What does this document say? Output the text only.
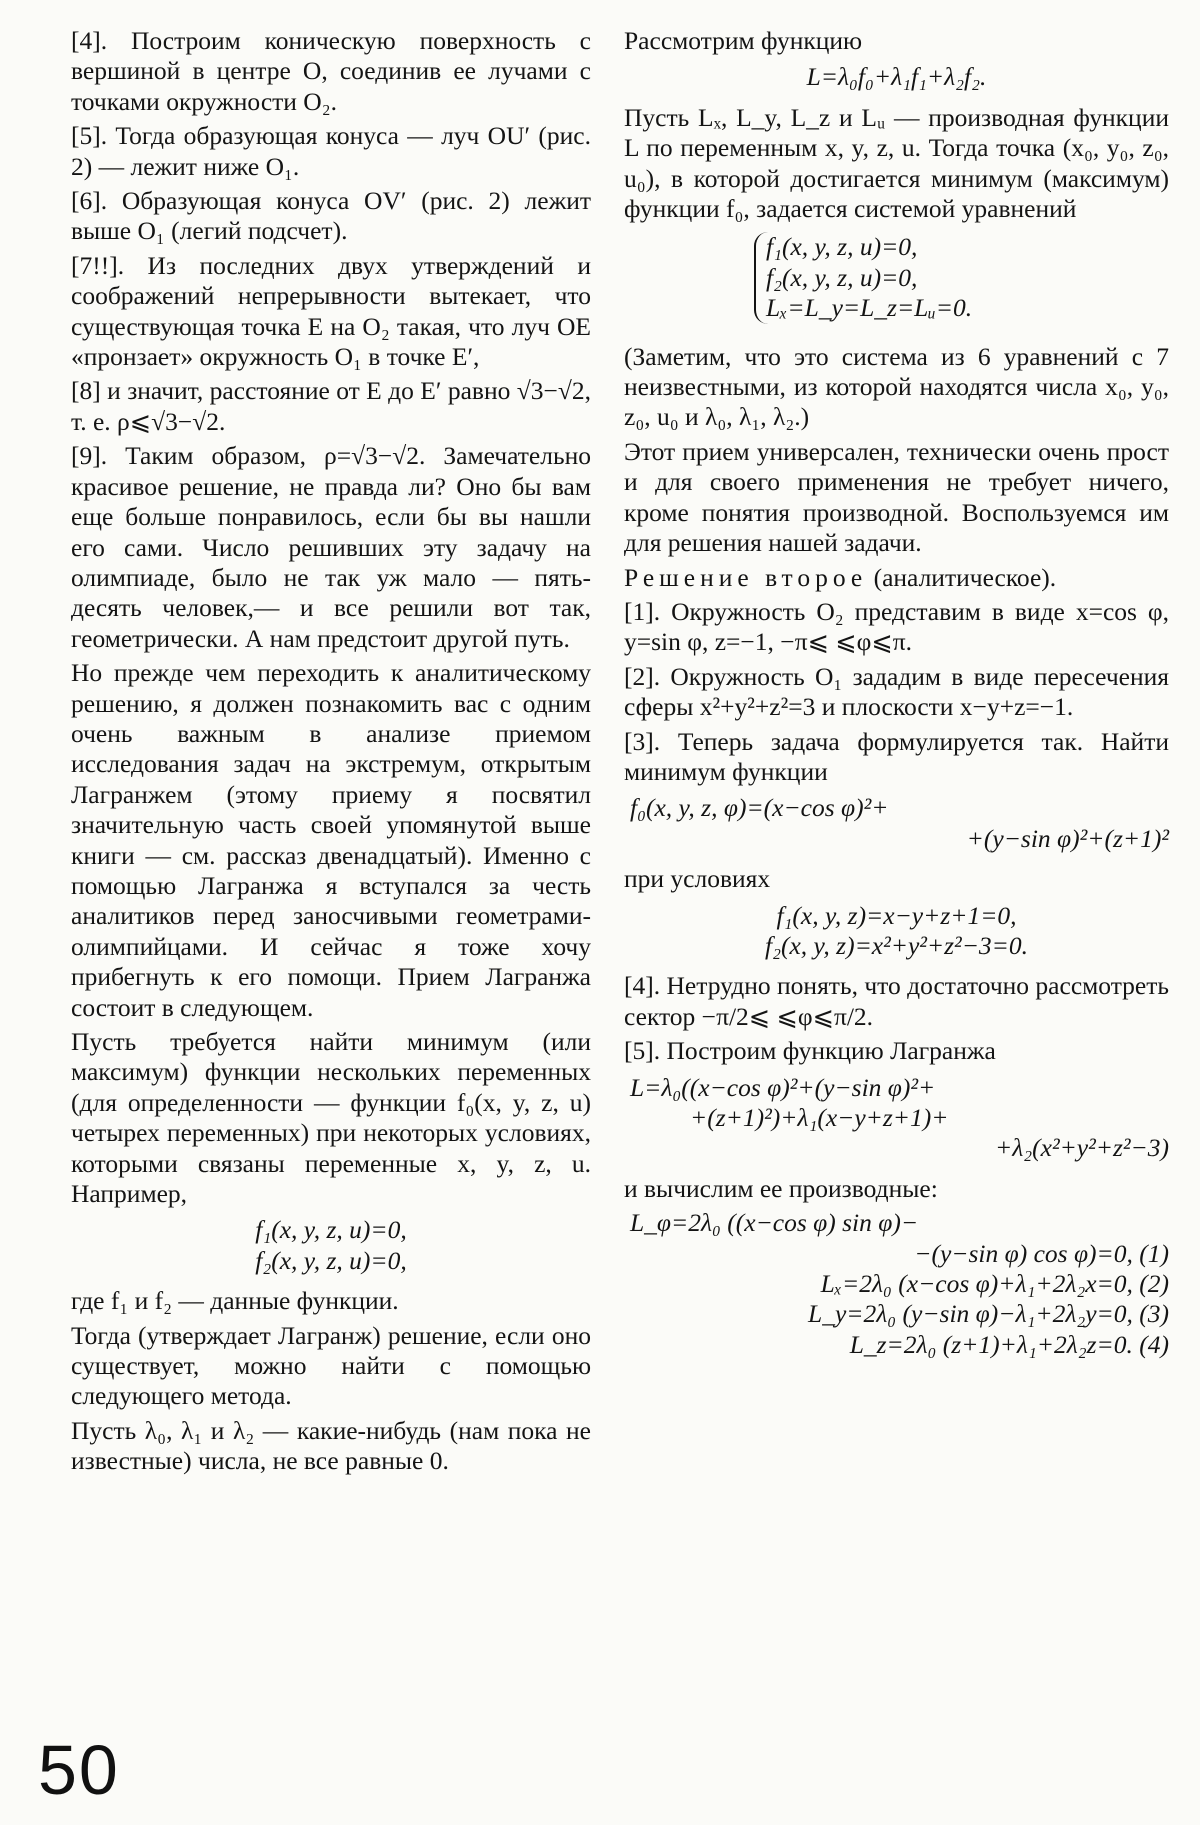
[4]. Построим коническую поверхность с вершиной в центре O, соединив ее лучами с точками окружности O₂.

[5]. Тогда образующая конуса — луч OU′ (рис. 2) — лежит ниже O₁.

[6]. Образующая конуса OV′ (рис. 2) лежит выше O₁ (легий подсчет).

[7!!]. Из последних двух утверждений и соображений непрерывности вытекает, что существующая точка E на O₂ такая, что луч OE «пронзает» окружность O₁ в точке E′,

[8] и значит, расстояние от E до E′ равно √3−√2, т. е. ρ⩽√3−√2.

[9]. Таким образом, ρ=√3−√2. Замечательно красивое решение, не правда ли? Оно бы вам еще больше понравилось, если бы вы нашли его сами. Число решивших эту задачу на олимпиаде, было не так уж мало — пять-десять человек,— и все решили вот так, геометрически. А нам предстоит другой путь.

Но прежде чем переходить к аналитическому решению, я должен познакомить вас с одним очень важным в анализе приемом исследования задач на экстремум, открытым Лагранжем (этому приему я посвятил значительную часть своей упомянутой выше книги — см. рассказ двенадцатый). Именно с помощью Лагранжа я вступался за честь аналитиков перед заносчивыми геометрами-олимпийцами. И сейчас я тоже хочу прибегнуть к его помощи. Прием Лагранжа состоит в следующем.

Пусть требуется найти минимум (или максимум) функции нескольких переменных (для определенности — функции f₀(x, y, z, u) четырех переменных) при некоторых условиях, которыми связаны переменные x, y, z, u. Например,

f₁(x, y, z, u)=0,
f₂(x, y, z, u)=0,

где f₁ и f₂ — данные функции.

Тогда (утверждает Лагранж) решение, если оно существует, можно найти с помощью следующего метода.

Пусть λ₀, λ₁ и λ₂ — какие-нибудь (нам пока не известные) числа, не все равные 0.

Рассмотрим функцию

L=λ₀f₀+λ₁f₁+λ₂f₂.

Пусть Lₓ, L_y, L_z и Lᵤ — производная функции L по переменным x, y, z, u. Тогда точка (x₀, y₀, z₀, u₀), в которой достигается минимум (максимум) функции f₀, задается системой уравнений

f₁(x, y, z, u)=0,
f₂(x, y, z, u)=0,
Lₓ=L_y=L_z=Lᵤ=0.

(Заметим, что это система из 6 уравнений с 7 неизвестными, из которой находятся числа x₀, y₀, z₀, u₀ и λ₀, λ₁, λ₂.)

Этот прием универсален, технически очень прост и для своего применения не требует ничего, кроме понятия производной. Воспользуемся им для решения нашей задачи.

Решение второе (аналитическое).

[1]. Окружность O₂ представим в виде x=cos φ, y=sin φ, z=−1, −π⩽ ⩽φ⩽π.

[2]. Окружность O₁ зададим в виде пересечения сферы x²+y²+z²=3 и плоскости x−y+z=−1.

[3]. Теперь задача формулируется так. Найти минимум функции

f₀(x, y, z, φ)=(x−cos φ)²+
+(y−sin φ)²+(z+1)²

при условиях

f₁(x, y, z)=x−y+z+1=0,
f₂(x, y, z)=x²+y²+z²−3=0.

[4]. Нетрудно понять, что достаточно рассмотреть сектор −π/2⩽ ⩽φ⩽π/2.

[5]. Построим функцию Лагранжа

L=λ₀((x−cos φ)²+(y−sin φ)²+
+(z+1)²)+λ₁(x−y+z+1)+
+λ₂(x²+y²+z²−3)

и вычислим ее производные:

L_φ=2λ₀ ((x−cos φ) sin φ)−

−(y−sin φ) cos φ)=0, (1)

Lₓ=2λ₀ (x−cos φ)+λ₁+2λ₂x=0, (2)

L_y=2λ₀ (y−sin φ)−λ₁+2λ₂y=0, (3)

L_z=2λ₀ (z+1)+λ₁+2λ₂z=0. (4)

50
